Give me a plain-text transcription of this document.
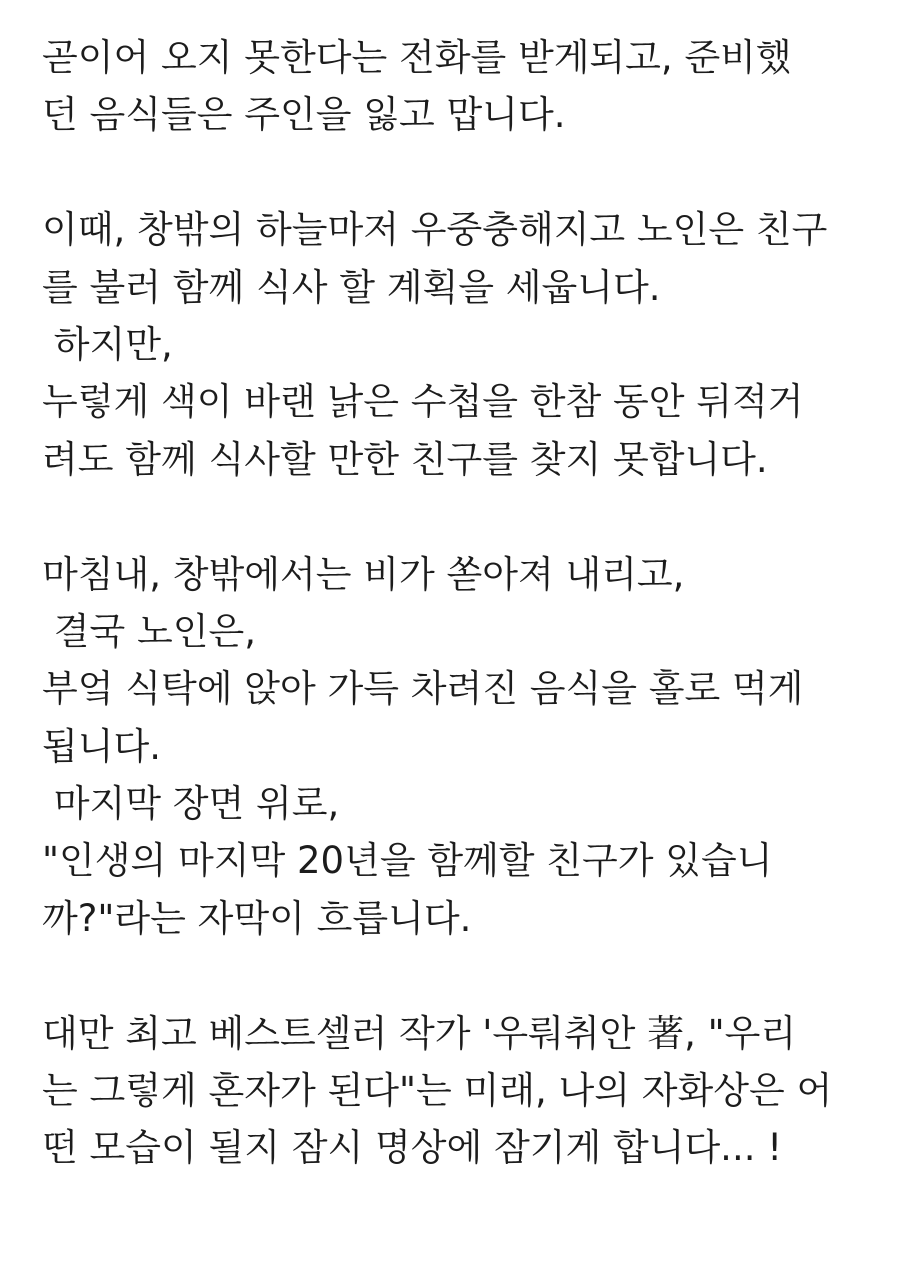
곧이어 오지 못한다는 전화를 받게되고, 준비했
던 음식들은 주인을 잃고 맙니다.
이때, 창밖의 하늘마저 우중충해지고 노인은 친구
를 불러 함께 식사 할 계획을 세웁니다.
하지만,
누렇게 색이 바랜 낡은 수첩을 한참 동안 뒤적거
려도 함께 식사할 만한 친구를 찾지 못합니다.
마침내, 창밖에서는 비가 쏟아져 내리고,
결국 노인은,
부엌 식탁에 앉아 가득 차려진 음식을 홀로 먹게
됩니다.
마지막 장면 위로,
"인생의 마지막 20년을 함께할 친구가 있습니
까?"라는 자막이 흐릅니다.
대만 최고 베스트셀러 작가 '우뤄취안 著, "우리
는 그렇게 혼자가 된다"는 미래, 나의 자화상은 어
떤 모습이 될지 잠시 명상에 잠기게 합니다... !
